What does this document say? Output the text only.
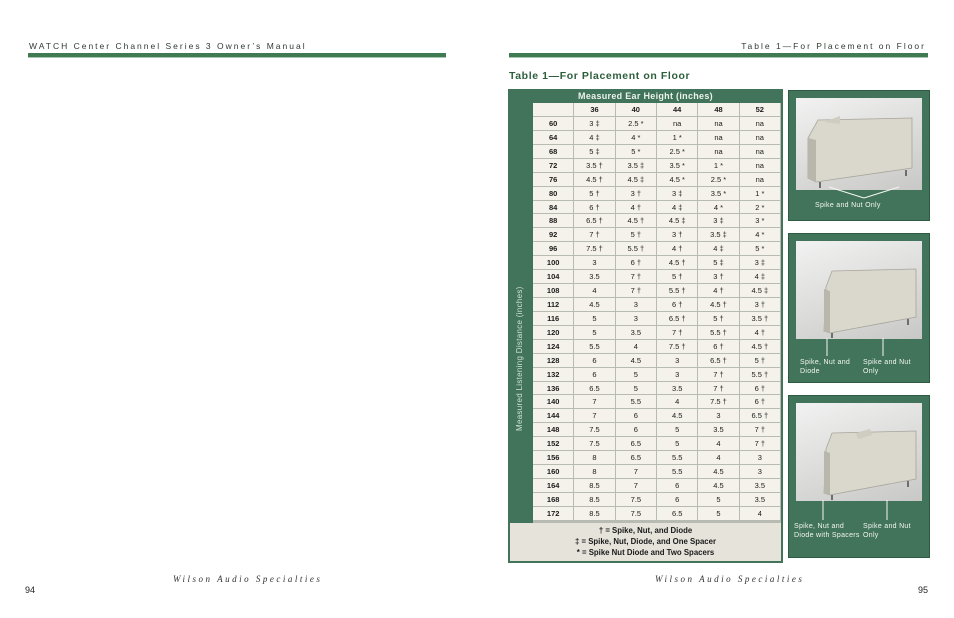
WATCH Center Channel Series 3 Owner’s Manual	Table 1—For Placement on Floor
Table 1—For Placement on Floor
Measured Ear Height (inches)
Measured Listening Distance (inches)
36	40	44	48	52
60	3 ‡	2.5 *	na	na	na
64	4 ‡	4 *	1 *	na	na
68	5 ‡	5 *	2.5 *	na	na
72	3.5 †	3.5 ‡	3.5 *	1 *	na
76	4.5 †	4.5 ‡	4.5 *	2.5 *	na
80	5 †	3 †	3 ‡	3.5 *	1 *
84	6 †	4 †	4 ‡	4 *	2 *
88	6.5 †	4.5 †	4.5 ‡	3 ‡	3 *
92	7 †	5 †	3 †	3.5 ‡	4 *
96	7.5 †	5.5 †	4 †	4 ‡	5 *
100	3	6 †	4.5 †	5 ‡	3 ‡
104	3.5	7 †	5 †	3 †	4 ‡
108	4	7 †	5.5 †	4 †	4.5 ‡
112	4.5	3	6 †	4.5 †	3 †
116	5	3	6.5 †	5 †	3.5 †
120	5	3.5	7 †	5.5 †	4 †
124	5.5	4	7.5 †	6 †	4.5 †
128	6	4.5	3	6.5 †	5 †
132	6	5	3	7 †	5.5 †
136	6.5	5	3.5	7 †	6 †
140	7	5.5	4	7.5 †	6 †
144	7	6	4.5	3	6.5 †
148	7.5	6	5	3.5	7 †
152	7.5	6.5	5	4	7 †
156	8	6.5	5.5	4	3
160	8	7	5.5	4.5	3
164	8.5	7	6	4.5	3.5
168	8.5	7.5	6	5	3.5
172	8.5	7.5	6.5	5	4
† = Spike, Nut, and Diode
‡ = Spike, Nut, Diode, and One Spacer
* = Spike Nut Diode and Two Spacers
Spike and Nut Only
Spike, Nut and Diode
Spike and Nut Only
Spike, Nut and Diode with Spacers
Spike and Nut Only
Wilson Audio Specialties	Wilson Audio Specialties
94	95
